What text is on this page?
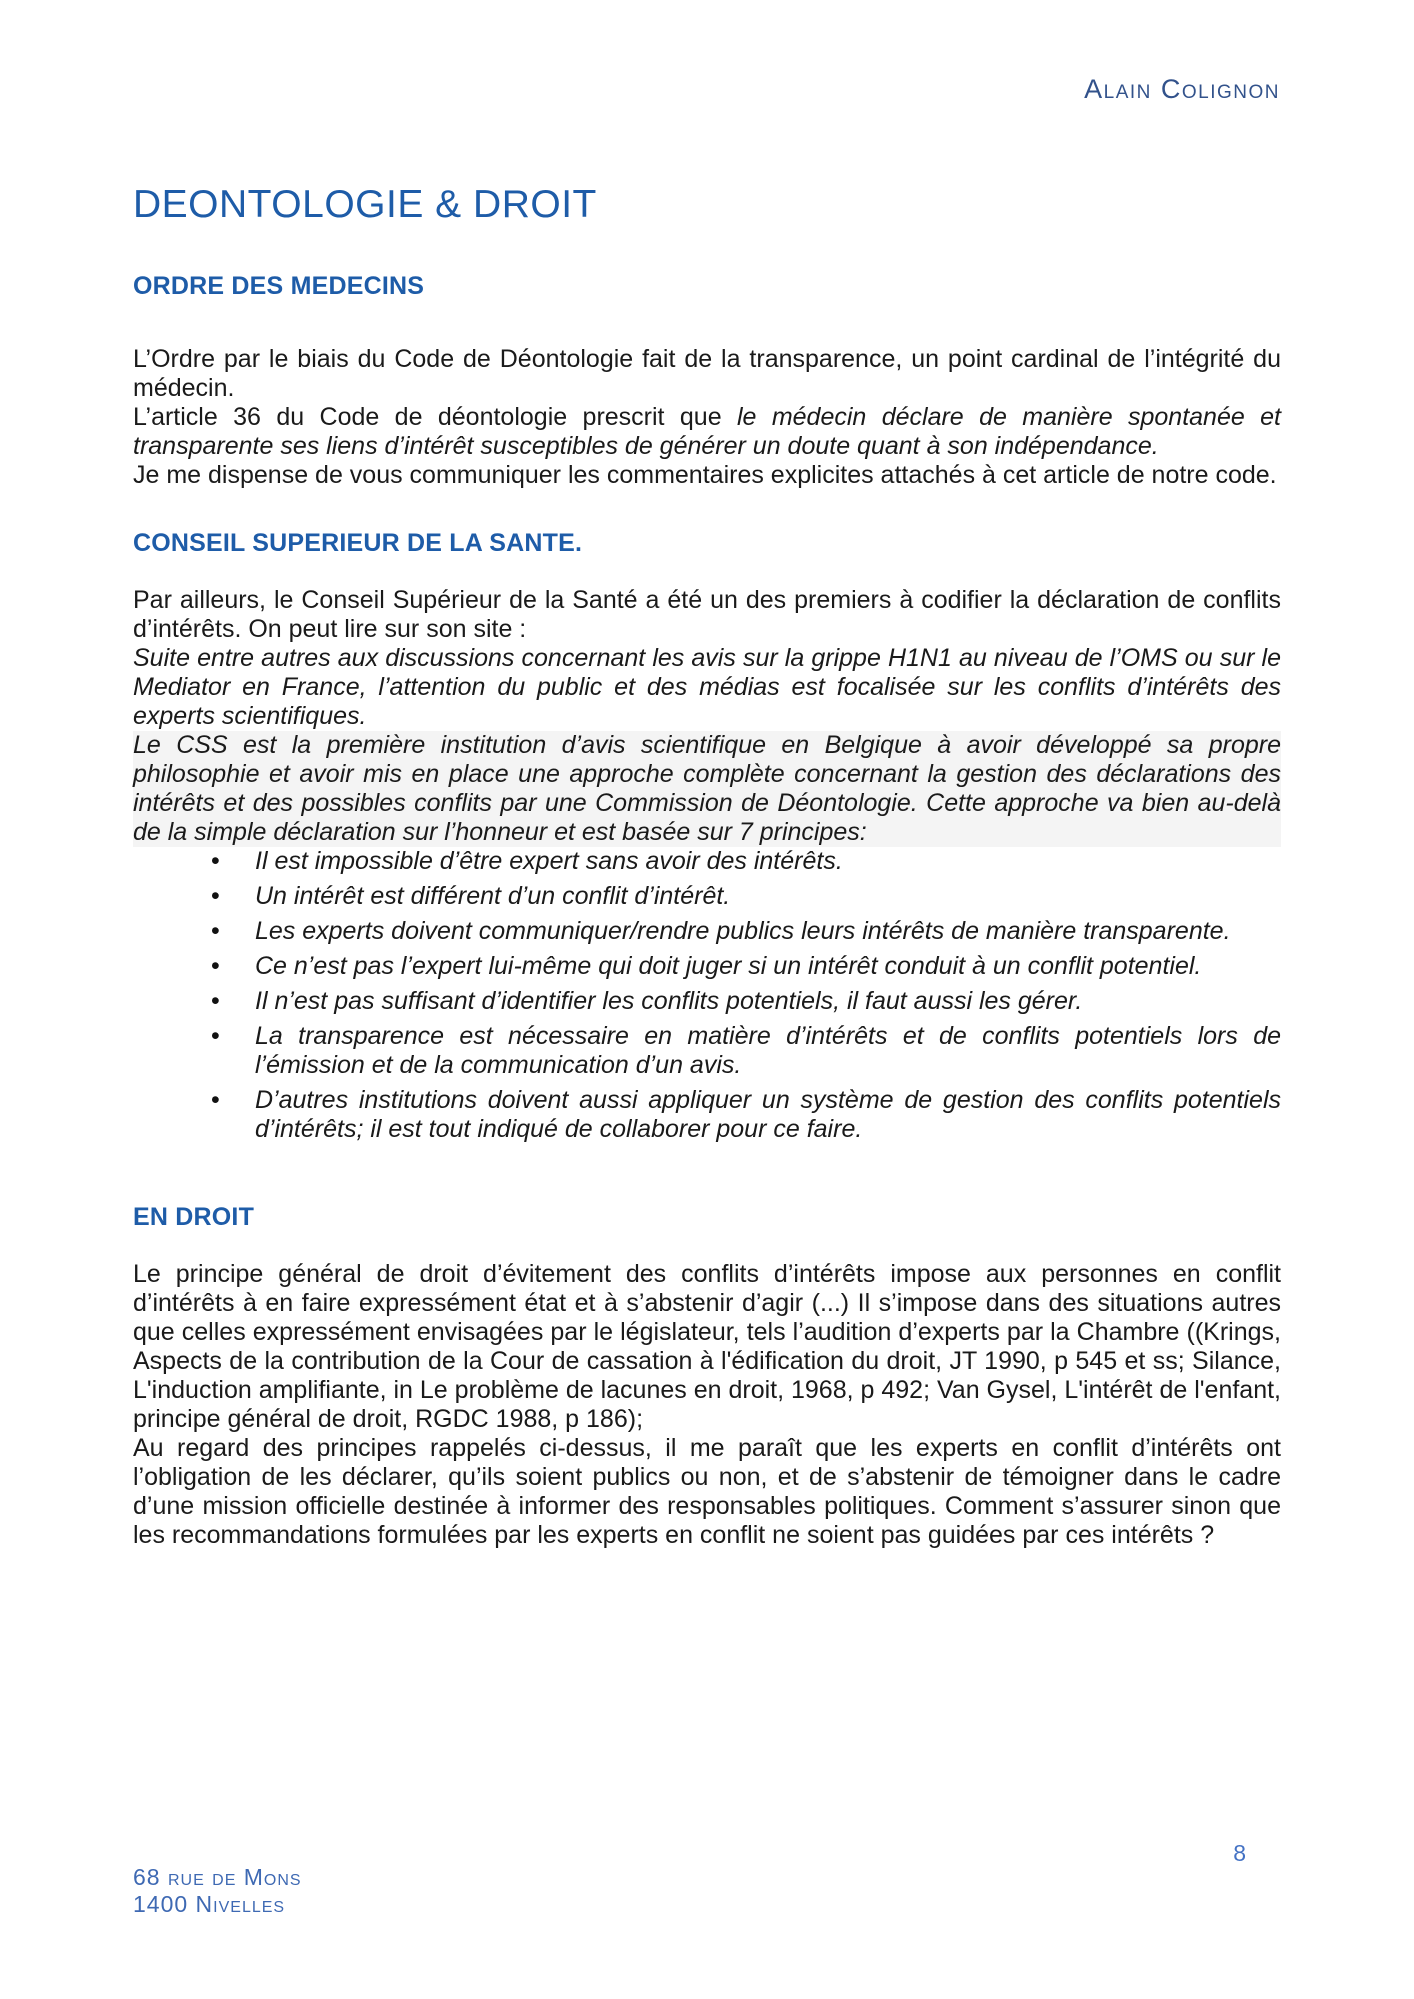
Alain Colignon
DEONTOLOGIE & DROIT
ORDRE DES MEDECINS

L’Ordre par le biais du Code de Déontologie fait de la transparence, un point cardinal de l’intégrité du médecin.

L’article 36 du Code de déontologie prescrit que le médecin déclare de manière spontanée et transparente ses liens d’intérêt susceptibles de générer un doute quant à son indépendance.

Je me dispense de vous communiquer les commentaires explicites attachés à cet article de notre code.

CONSEIL SUPERIEUR DE LA SANTE.

Par ailleurs, le Conseil Supérieur de la Santé a été un des premiers à codifier la déclaration de conflits d’intérêts. On peut lire sur son site :

Suite entre autres aux discussions concernant les avis sur la grippe H1N1 au niveau de l’OMS ou sur le Mediator en France, l’attention du public et des médias est focalisée sur les conflits d’intérêts des experts scientifiques.

Le CSS est la première institution d’avis scientifique en Belgique à avoir développé sa propre philosophie et avoir mis en place une approche complète concernant la gestion des déclarations des intérêts et des possibles conflits par une Commission de Déontologie. Cette approche va bien au-delà de la simple déclaration sur l’honneur et est basée sur 7 principes:

• Il est impossible d’être expert sans avoir des intérêts.
• Un intérêt est différent d’un conflit d’intérêt.
• Les experts doivent communiquer/rendre publics leurs intérêts de manière transparente.
• Ce n’est pas l’expert lui-même qui doit juger si un intérêt conduit à un conflit potentiel.
• Il n’est pas suffisant d’identifier les conflits potentiels, il faut aussi les gérer.
• La transparence est nécessaire en matière d’intérêts et de conflits potentiels lors de l’émission et de la communication d’un avis.
• D’autres institutions doivent aussi appliquer un système de gestion des conflits potentiels d’intérêts; il est tout indiqué de collaborer pour ce faire.
EN DROIT

Le principe général de droit d’évitement des conflits d’intérêts impose aux personnes en conflit d’intérêts à en faire expressément état et à s’abstenir d’agir (...) Il s’impose dans des situations autres que celles expressément envisagées par le législateur, tels l’audition d’experts par la Chambre ((Krings, Aspects de la contribution de la Cour de cassation à l'édification du droit, JT 1990, p 545 et ss; Silance, L'induction amplifiante, in Le problème de lacunes en droit, 1968, p 492; Van Gysel, L'intérêt de l'enfant, principe général de droit, RGDC 1988, p 186);

Au regard des principes rappelés ci-dessus, il me paraît que les experts en conflit d’intérêts ont l’obligation de les déclarer, qu’ils soient publics ou non, et de s’abstenir de témoigner dans le cadre d’une mission officielle destinée à informer des responsables politiques. Comment s’assurer sinon que les recommandations formulées par les experts en conflit ne soient pas guidées par ces intérêts ?

68 rue de Mons
1400 Nivelles
8
